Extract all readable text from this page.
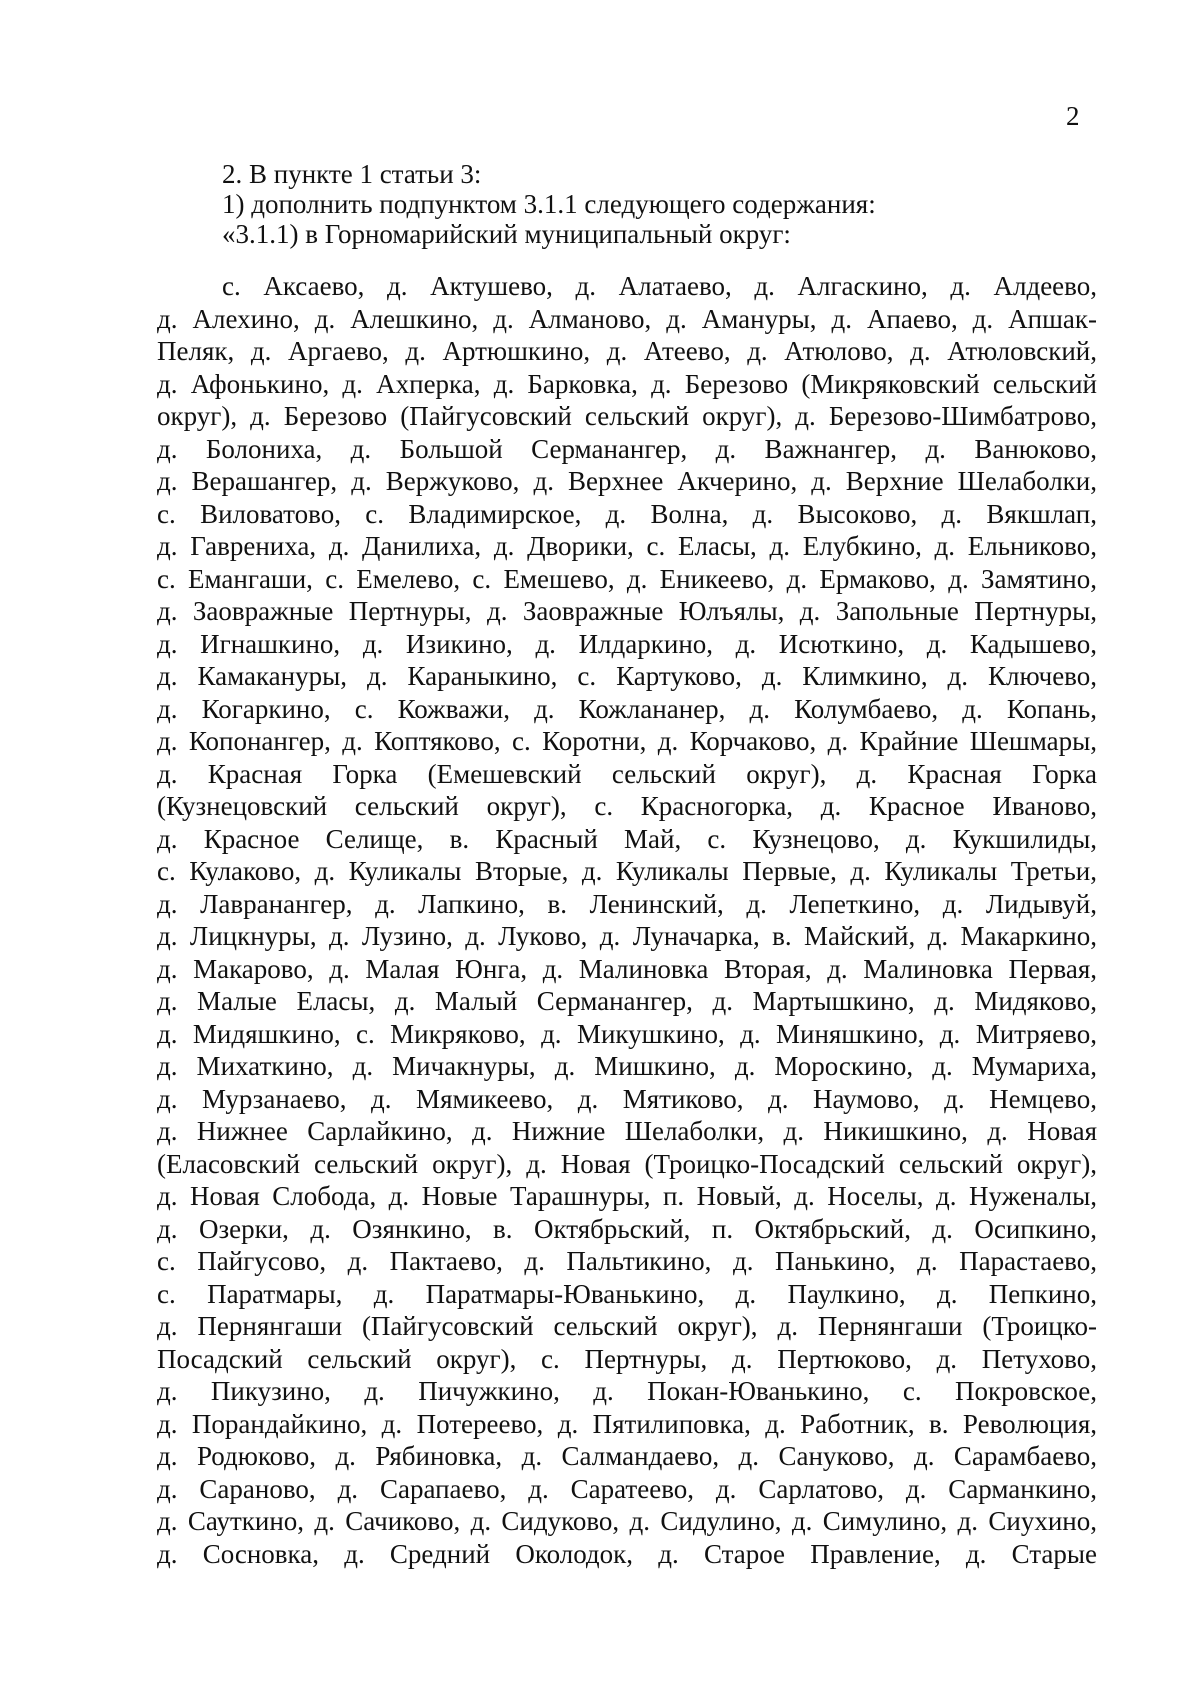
2
2. В пункте 1 статьи 3:
1) дополнить подпунктом 3.1.1 следующего содержания:
«3.1.1) в Горномарийский муниципальный округ:
с. Аксаево, д. Актушево, д. Алатаево, д. Алгаскино, д. Алдеево,
д. Алехино, д. Алешкино, д. Алманово, д. Амануры, д. Апаево, д. Апшак-
Пеляк, д. Аргаево, д. Артюшкино, д. Атеево, д. Атюлово, д. Атюловский,
д. Афонькино, д. Ахперка, д. Барковка, д. Березово (Микряковский сельский
округ), д. Березово (Пайгусовский сельский округ), д. Березово-Шимбатрово,
д. Болониха, д. Большой Серманангер, д. Важнангер, д. Ванюково,
д. Верашангер, д. Вержуково, д. Верхнее Акчерино, д. Верхние Шелаболки,
с. Виловатово, с. Владимирское, д. Волна, д. Высоково, д. Вякшлап,
д. Гаврениха, д. Данилиха, д. Дворики, с. Еласы, д. Елубкино, д. Ельниково,
с. Емангаши, с. Емелево, с. Емешево, д. Еникеево, д. Ермаково, д. Замятино,
д. Заовражные Пертнуры, д. Заовражные Юлъялы, д. Запольные Пертнуры,
д. Игнашкино, д. Изикино, д. Илдаркино, д. Исюткино, д. Кадышево,
д. Камакануры, д. Караныкино, с. Картуково, д. Климкино, д. Ключево,
д. Когаркино, с. Кожважи, д. Кожлананер, д. Колумбаево, д. Копань,
д. Копонангер, д. Коптяково, с. Коротни, д. Корчаково, д. Крайние Шешмары,
д. Красная Горка (Емешевский сельский округ), д. Красная Горка
(Кузнецовский сельский округ), с. Красногорка, д. Красное Иваново,
д. Красное Селище, в. Красный Май, с. Кузнецово, д. Кукшилиды,
с. Кулаково, д. Куликалы Вторые, д. Куликалы Первые, д. Куликалы Третьи,
д. Лавранангер, д. Лапкино, в. Ленинский, д. Лепеткино, д. Лидывуй,
д. Лицкнуры, д. Лузино, д. Луково, д. Луначарка, в. Майский, д. Макаркино,
д. Макарово, д. Малая Юнга, д. Малиновка Вторая, д. Малиновка Первая,
д. Малые Еласы, д. Малый Серманангер, д. Мартышкино, д. Мидяково,
д. Мидяшкино, с. Микряково, д. Микушкино, д. Миняшкино, д. Митряево,
д. Михаткино, д. Мичакнуры, д. Мишкино, д. Мороскино, д. Мумариха,
д. Мурзанаево, д. Мямикеево, д. Мятиково, д. Наумово, д. Немцево,
д. Нижнее Сарлайкино, д. Нижние Шелаболки, д. Никишкино, д. Новая
(Еласовский сельский округ), д. Новая (Троицко-Посадский сельский округ),
д. Новая Слобода, д. Новые Тарашнуры, п. Новый, д. Носелы, д. Нуженалы,
д. Озерки, д. Озянкино, в. Октябрьский, п. Октябрьский, д. Осипкино,
с. Пайгусово, д. Пактаево, д. Пальтикино, д. Панькино, д. Парастаево,
с. Паратмары, д. Паратмары-Юванькино, д. Паулкино, д. Пепкино,
д. Пернянгаши (Пайгусовский сельский округ), д. Пернянгаши (Троицко-
Посадский сельский округ), с. Пертнуры, д. Пертюково, д. Петухово,
д. Пикузино, д. Пичужкино, д. Покан-Юванькино, с. Покровское,
д. Порандайкино, д. Потереево, д. Пятилиповка, д. Работник, в. Революция,
д. Родюково, д. Рябиновка, д. Салмандаево, д. Сануково, д. Сарамбаево,
д. Сараново, д. Сарапаево, д. Саратеево, д. Сарлатово, д. Сарманкино,
д. Сауткино, д. Сачиково, д. Сидуково, д. Сидулино, д. Симулино, д. Сиухино,
д. Сосновка, д. Средний Околодок, д. Старое Правление, д. Старые
